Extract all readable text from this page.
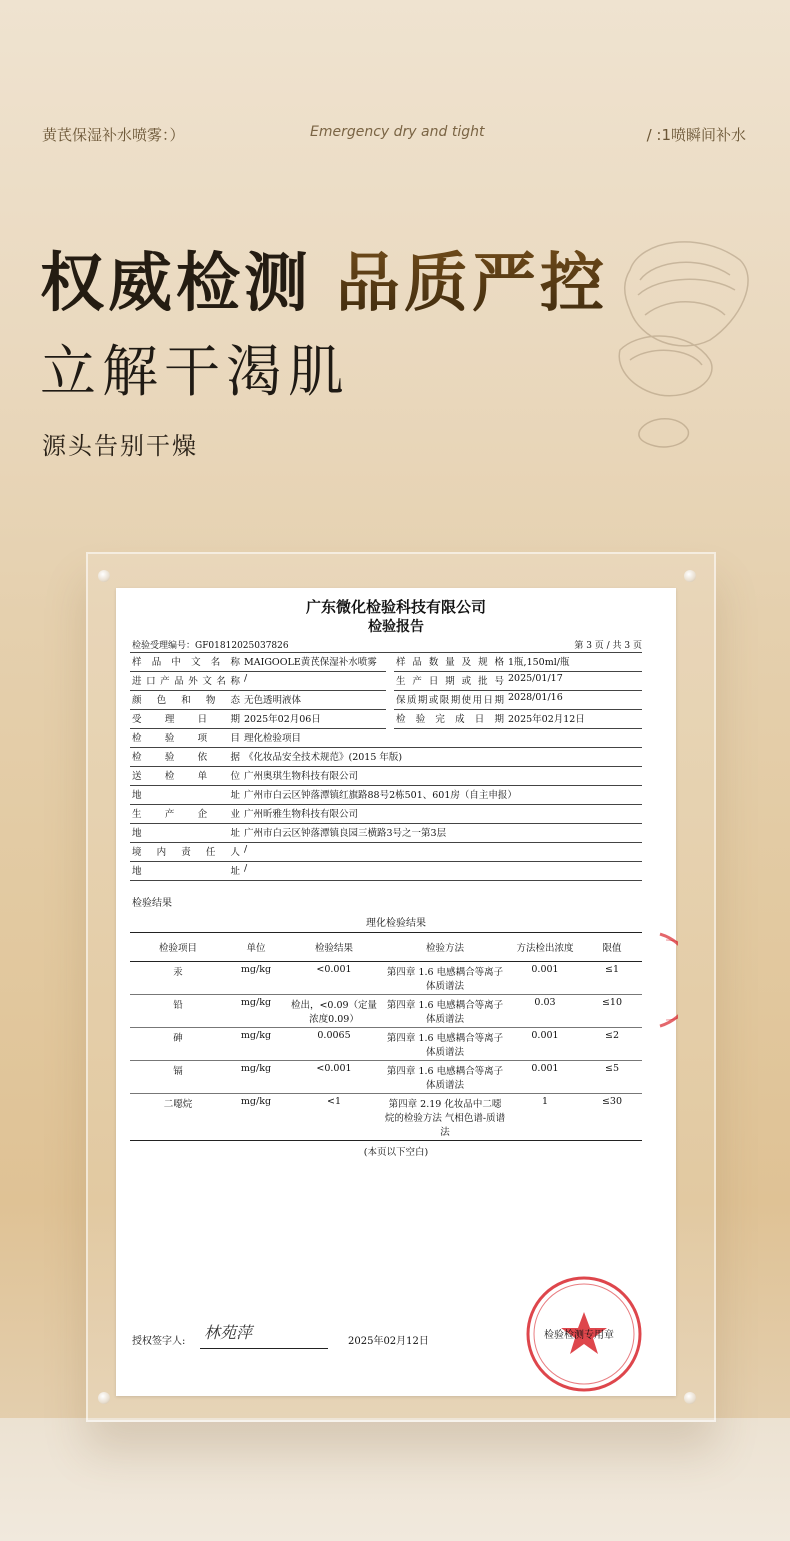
黄芪保湿补水喷雾：）	Emergency dry and tight	/ :1喷瞬间补水
权威检测 品质严控
立解干渴肌
源头告别干燥
广东微化检验科技有限公司
检验报告
检验受理编号：GF01812025037826	第 3 页 / 共 3 页
样品中文名称	MAIGOOLE黄芪保湿补水喷雾		样品数量及规格	1瓶,150ml/瓶
进口产品外文名称	/		生产日期或批号	2025/01/17
颜色和物态	无色透明液体		保质期或限期使用日期	2028/01/16
受理日期	2025年02月06日		检验完成日期	2025年02月12日
检验项目	理化检验项目			
检验依据	《化妆品安全技术规范》(2015 年版)			
送检单位	广州奥琪生物科技有限公司			
地址	广州市白云区钟落潭镇红旗路88号2栋501、601房（自主申报）			
生产企业	广州昕雅生物科技有限公司			
地址	广州市白云区钟落潭镇良园三横路3号之一第3层			
境内责任人	/			
地址	/			
检验结果
理化检验结果
检验项目	单位	检验结果	检验方法	方法检出浓度	限值
汞	mg/kg	<0.001	第四章 1.6 电感耦合等离子体质谱法	0.001	≤1
铅	mg/kg	检出，<0.09（定量浓度0.09）	第四章 1.6 电感耦合等离子体质谱法	0.03	≤10
砷	mg/kg	0.0065	第四章 1.6 电感耦合等离子体质谱法	0.001	≤2
镉	mg/kg	<0.001	第四章 1.6 电感耦合等离子体质谱法	0.001	≤5
二噁烷	mg/kg	<1	第四章 2.19 化妆品中二噁烷的检验方法 气相色谱-质谱法	1	≤30
(本页以下空白)
授权签字人: 林苑萍	2025年02月12日
检验检测专用章
